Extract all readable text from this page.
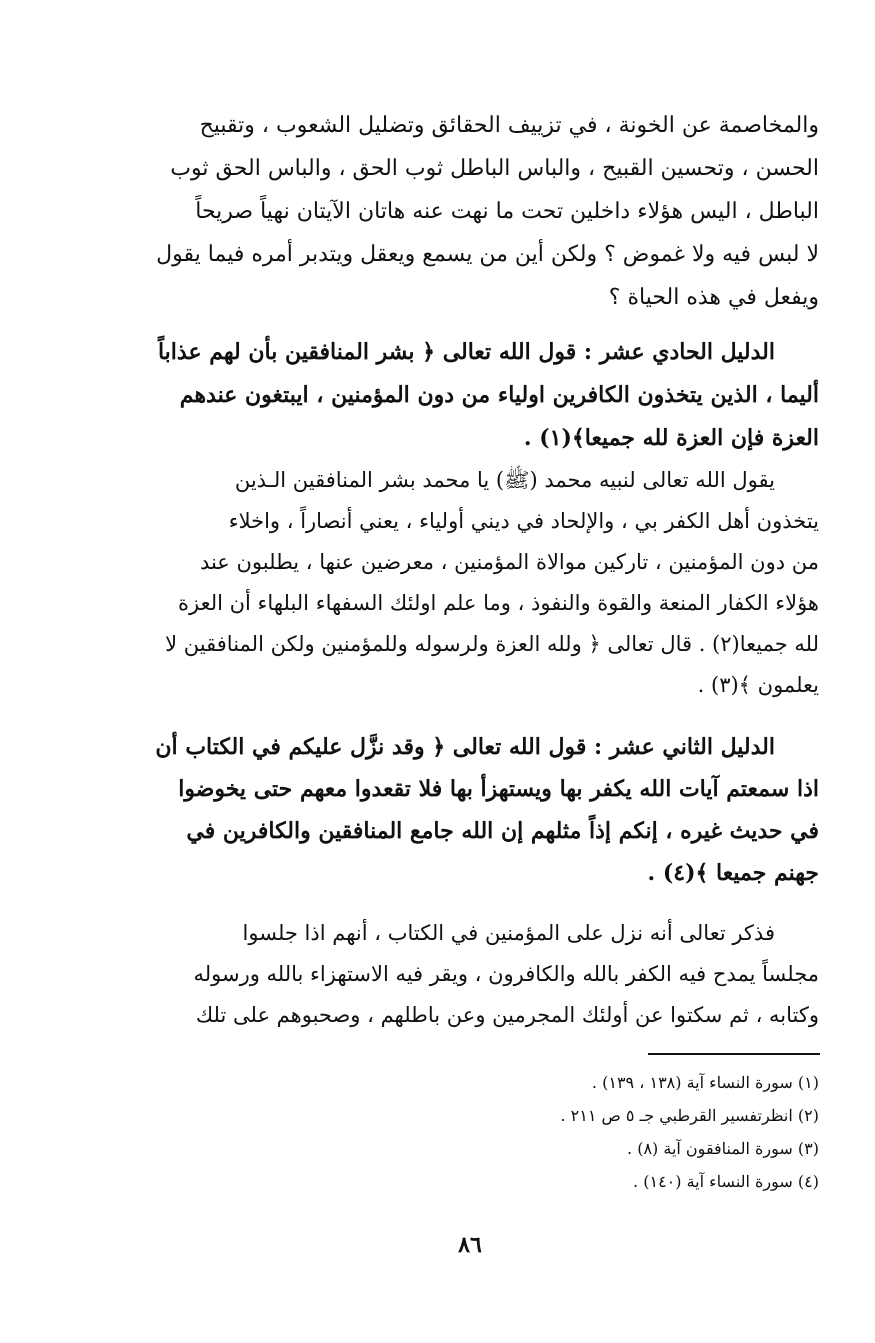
والمخاصمة عن الخونة ، في تزييف الحقائق وتضليل الشعوب ، وتقبيح
الحسن ، وتحسين القبيح ، والباس الباطل ثوب الحق ، والباس الحق ثوب
الباطل ، اليس هؤلاء داخلين تحت ما نهت عنه هاتان الآيتان نهياً صريحاً
لا لبس فيه ولا غموض ؟ ولكن أين من يسمع ويعقل ويتدبر أمره فيما يقول
ويفعل في هذه الحياة ؟
الدليل الحادي عشر : قول الله تعالى ﴿ بشر المنافقين بأن لهم عذاباً
أليما ، الذين يتخذون الكافرين اولياء من دون المؤمنين ، ايبتغون عندهم
العزة فإن العزة لله جميعا﴾(١) .
يقول الله تعالى لنبيه محمد (ﷺ) يا محمد بشر المنافقين الـذين
يتخذون أهل الكفر بي ، والإلحاد في ديني أولياء ، يعني أنصاراً ، واخلاء
من دون المؤمنين ، تاركين موالاة المؤمنين ، معرضين عنها ، يطلبون عند
هؤلاء الكفار المنعة والقوة والنفوذ ، وما علم اولئك السفهاء البلهاء أن العزة
لله جميعا(٢) . قال تعالى ﴿ ولله العزة ولرسوله وللمؤمنين ولكن المنافقين لا
يعلمون ﴾(٣) .
الدليل الثاني عشر : قول الله تعالى ﴿ وقد نزَّل عليكم في الكتاب أن
اذا سمعتم آيات الله يكفر بها ويستهزأ بها فلا تقعدوا معهم حتى يخوضوا
في حديث غيره ، إنكم إذاً مثلهم إن الله جامع المنافقين والكافرين في
جهنم جميعا ﴾(٤) .
فذكر تعالى أنه نزل على المؤمنين في الكتاب ، أنهم اذا جلسوا
مجلساً يمدح فيه الكفر بالله والكافرون ، ويقر فيه الاستهزاء بالله ورسوله
وكتابه ، ثم سكتوا عن أولئك المجرمين وعن باطلهم ، وصحبوهم على تلك
(١) سورة النساء آية (١٣٨ ، ١٣٩) .
(٢) انظرتفسير القرطبي جـ ٥ ص ٢١١ .
(٣) سورة المنافقون آية (٨) .
(٤) سورة النساء آية (١٤٠) .
٨٦
